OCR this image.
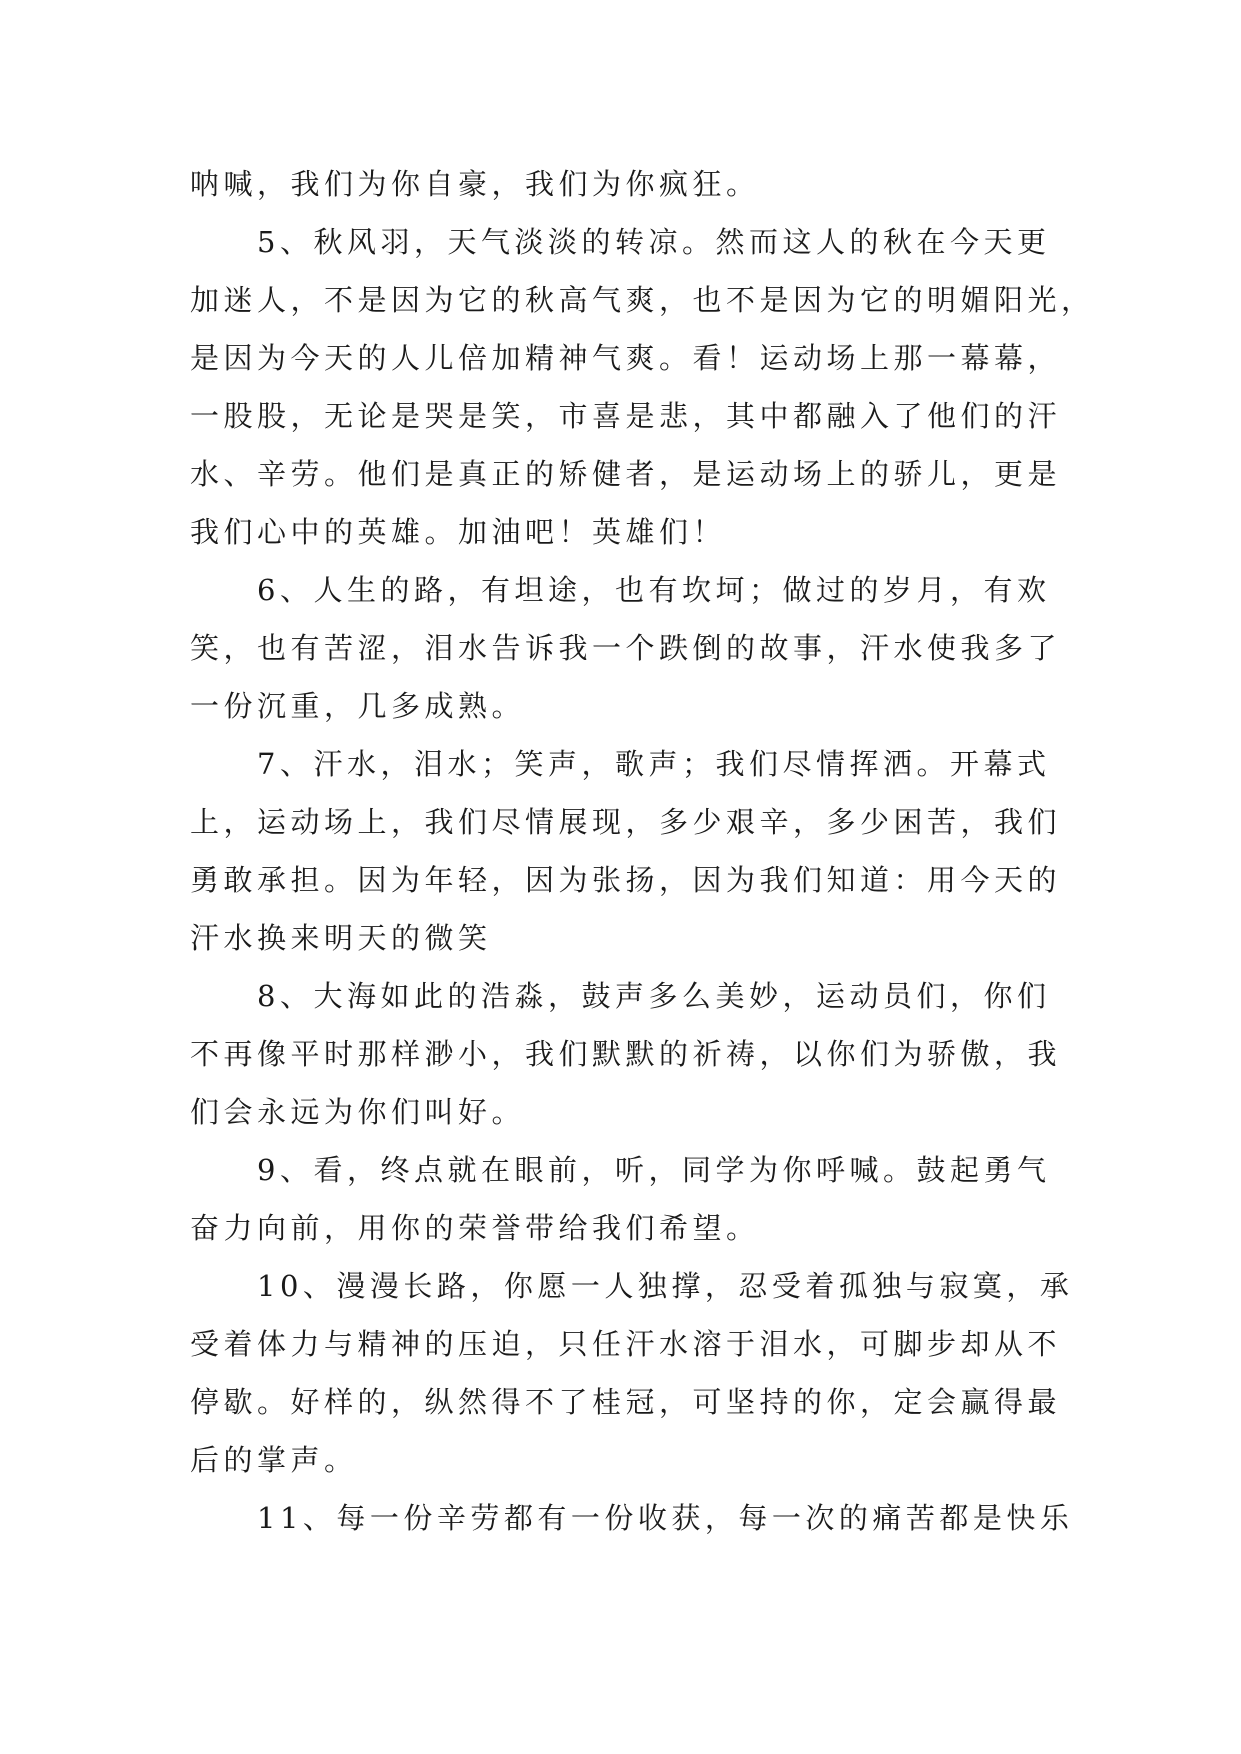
呐喊，我们为你自豪，我们为你疯狂。
　　5、秋风羽，天气淡淡的转凉。然而这人的秋在今天更
加迷人，不是因为它的秋高气爽，也不是因为它的明媚阳光，
是因为今天的人儿倍加精神气爽。看！运动场上那一幕幕，
一股股，无论是哭是笑，市喜是悲，其中都融入了他们的汗
水、辛劳。他们是真正的矫健者，是运动场上的骄儿，更是
我们心中的英雄。加油吧！英雄们！
　　6、人生的路，有坦途，也有坎坷；做过的岁月，有欢
笑，也有苦涩，泪水告诉我一个跌倒的故事，汗水使我多了
一份沉重，几多成熟。
　　7、汗水，泪水；笑声，歌声；我们尽情挥洒。开幕式
上，运动场上，我们尽情展现，多少艰辛，多少困苦，我们
勇敢承担。因为年轻，因为张扬，因为我们知道：用今天的
汗水换来明天的微笑
　　8、大海如此的浩淼，鼓声多么美妙，运动员们，你们
不再像平时那样渺小，我们默默的祈祷，以你们为骄傲，我
们会永远为你们叫好。
　　9、看，终点就在眼前，听，同学为你呼喊。鼓起勇气
奋力向前，用你的荣誉带给我们希望。
　　10、漫漫长路，你愿一人独撑，忍受着孤独与寂寞，承
受着体力与精神的压迫，只任汗水溶于泪水，可脚步却从不
停歇。好样的，纵然得不了桂冠，可坚持的你，定会赢得最
后的掌声。
　　11、每一份辛劳都有一份收获，每一次的痛苦都是快乐
